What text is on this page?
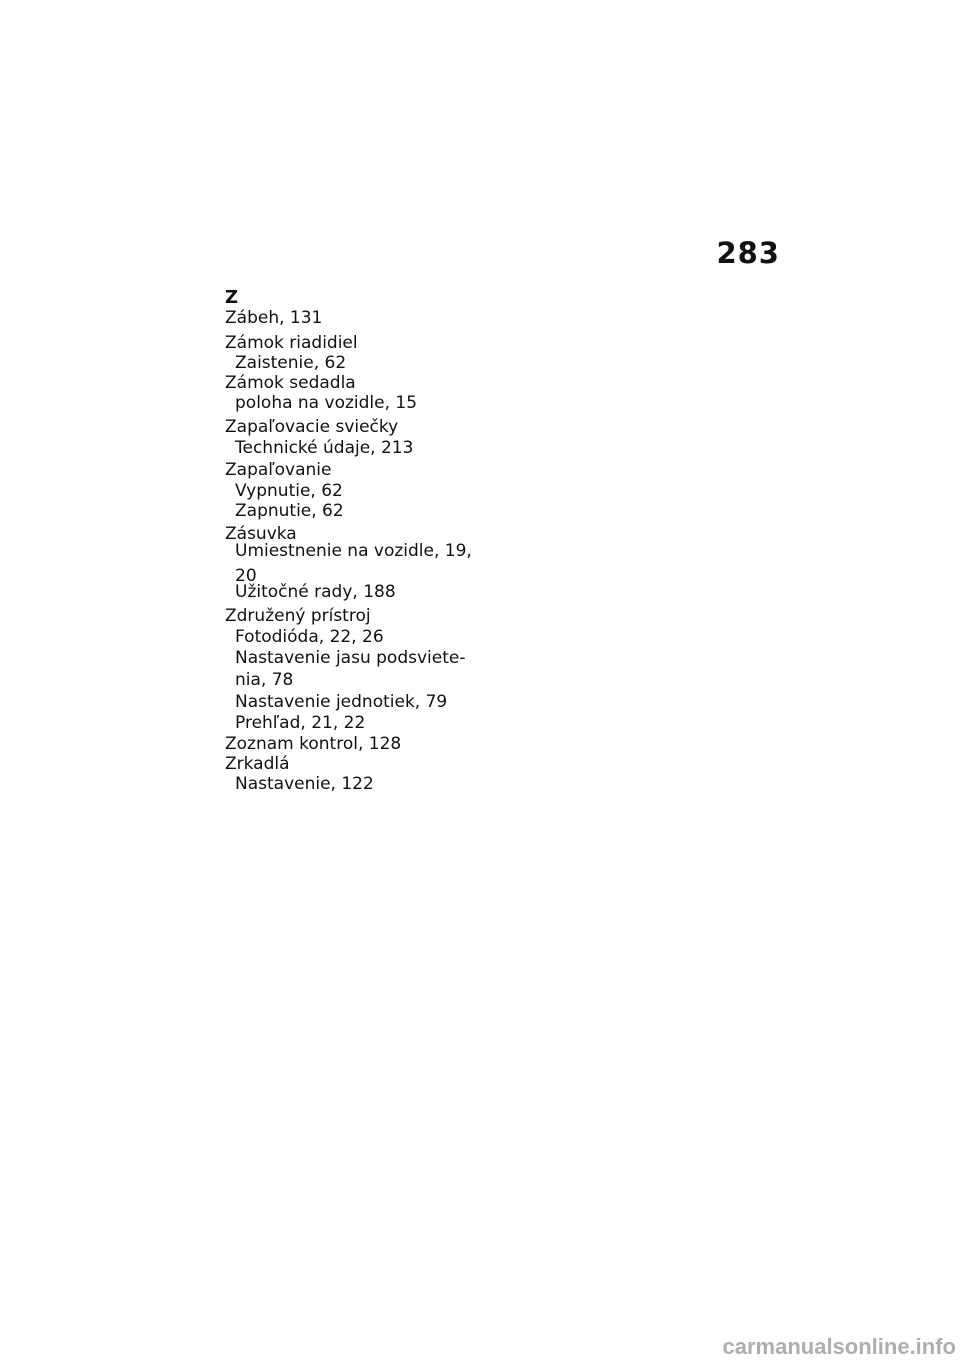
283
Z
Zábeh, 131
Zámok riadidiel
Zaistenie, 62
Zámok sedadla
poloha na vozidle, 15
Zapaľovacie sviečky
Technické údaje, 213
Zapaľovanie
Vypnutie, 62
Zapnutie, 62
Zásuvka
Umiestnenie na vozidle, 19,
20
Užitočné rady, 188
Združený prístroj
Fotodióda, 22, 26
Nastavenie jasu podsviete-
nia, 78
Nastavenie jednotiek, 79
Prehľad, 21, 22
Zoznam kontrol, 128
Zrkadlá
Nastavenie, 122
carmanualsonline.info
